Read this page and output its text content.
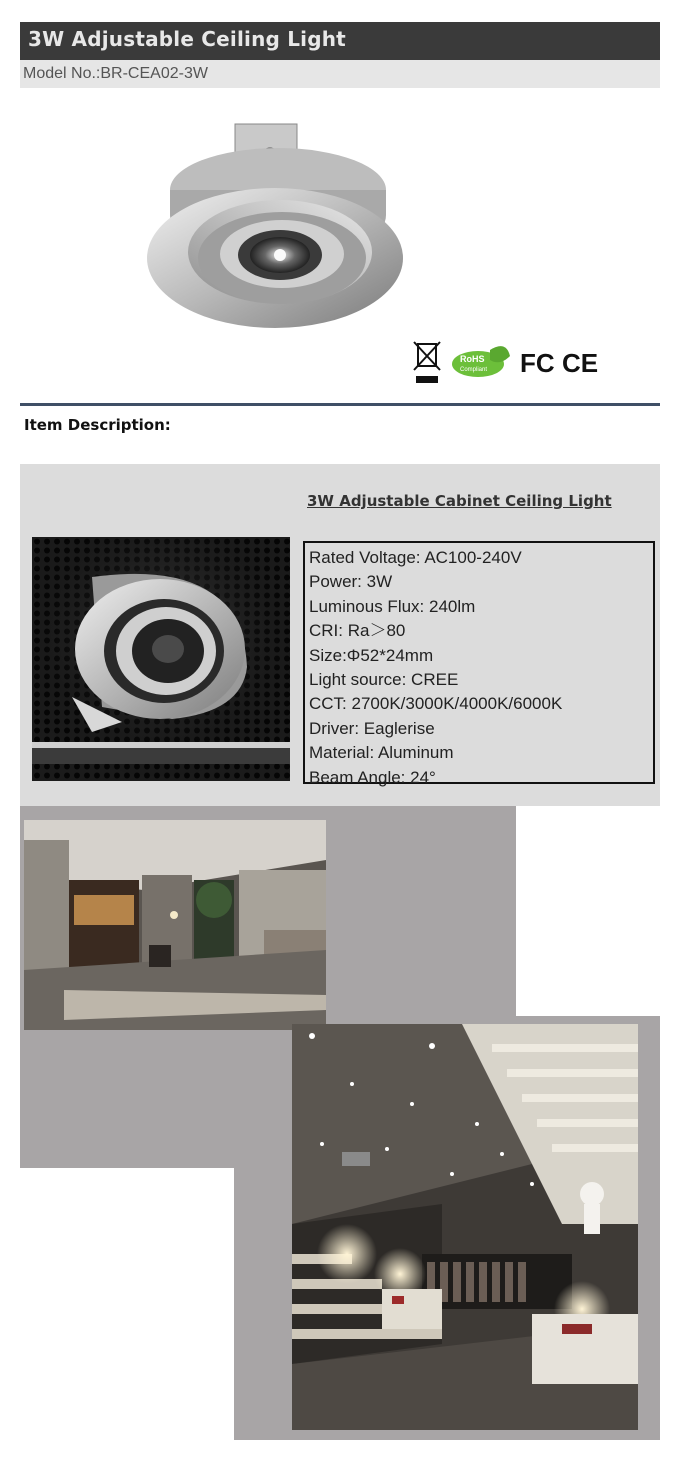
3W Adjustable Ceiling Light
Model No.:BR-CEA02-3W
RoHS
Compliant FC CE
Item Description:
3W Adjustable Cabinet Ceiling Light
Rated Voltage: AC100-240V
Power: 3W
Luminous Flux: 240lm
CRI: Ra＞80
Size:Φ52*24mm
Light source: CREE
CCT: 2700K/3000K/4000K/6000K
Driver: Eaglerise
Material: Aluminum
Beam Angle: 24°
